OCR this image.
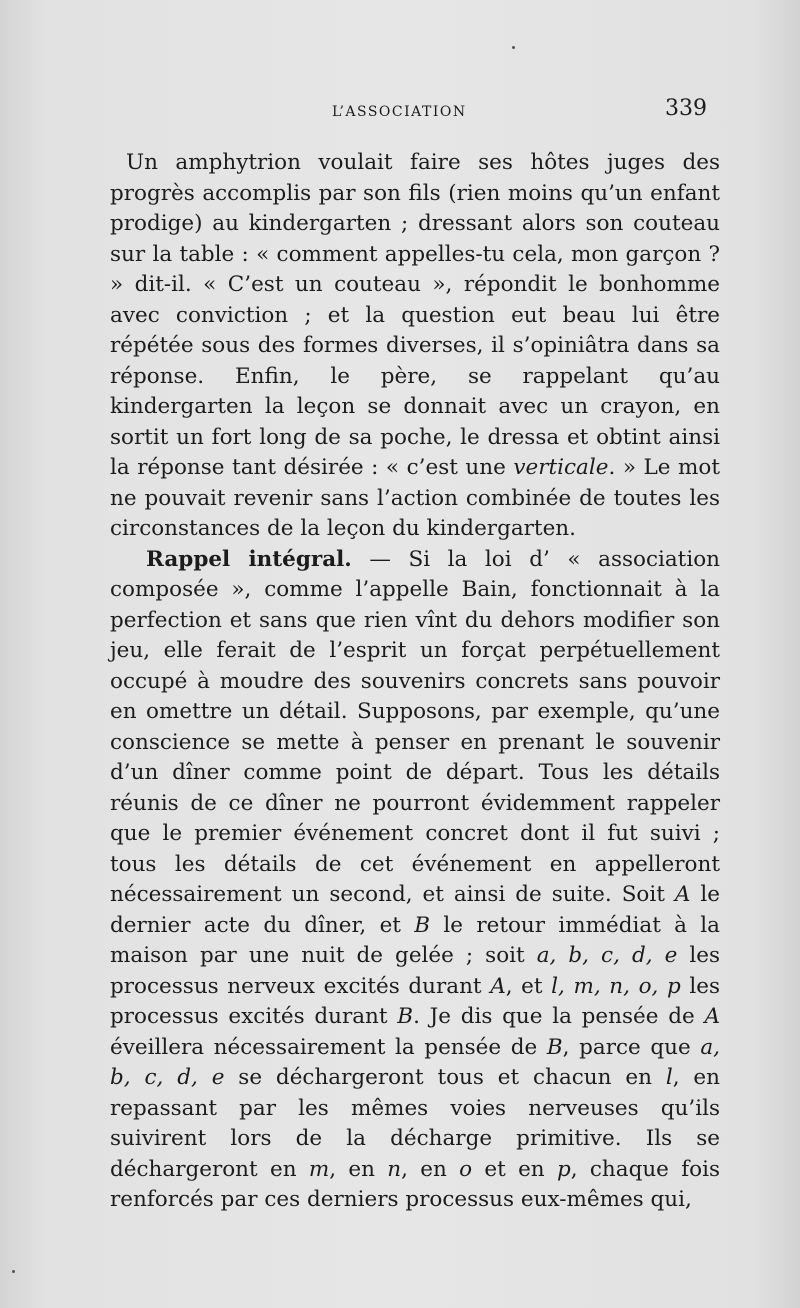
L’ASSOCIATION	339

Un amphytrion voulait faire ses hôtes juges des progrès accomplis par son fils (rien moins qu’un enfant prodige) au kindergarten ; dressant alors son couteau sur la table : « comment appelles-tu cela, mon garçon ? » dit-il. « C’est un couteau », répondit le bonhomme avec conviction ; et la question eut beau lui être répétée sous des formes diverses, il s’opiniâtra dans sa réponse. Enfin, le père, se rappelant qu’au kindergarten la leçon se donnait avec un crayon, en sortit un fort long de sa poche, le dressa et obtint ainsi la réponse tant désirée : « c’est une verticale. » Le mot ne pouvait revenir sans l’action combinée de toutes les circonstances de la leçon du kindergarten.

Rappel intégral. — Si la loi d’ « association composée », comme l’appelle Bain, fonctionnait à la perfection et sans que rien vînt du dehors modifier son jeu, elle ferait de l’esprit un forçat perpétuellement occupé à moudre des souvenirs concrets sans pouvoir en omettre un détail. Supposons, par exemple, qu’une conscience se mette à penser en prenant le souvenir d’un dîner comme point de départ. Tous les détails réunis de ce dîner ne pourront évidemment rappeler que le premier événement concret dont il fut suivi ; tous les détails de cet événement en appelleront nécessairement un second, et ainsi de suite. Soit A le dernier acte du dîner, et B le retour immédiat à la maison par une nuit de gelée ; soit a, b, c, d, e les processus nerveux excités durant A, et l, m, n, o, p les processus excités durant B. Je dis que la pensée de A éveillera nécessairement la pensée de B, parce que a, b, c, d, e se déchargeront tous et chacun en l, en repassant par les mêmes voies nerveuses qu’ils suivirent lors de la décharge primitive. Ils se déchargeront en m, en n, en o et en p, chaque fois renforcés par ces derniers processus eux-mêmes qui,
